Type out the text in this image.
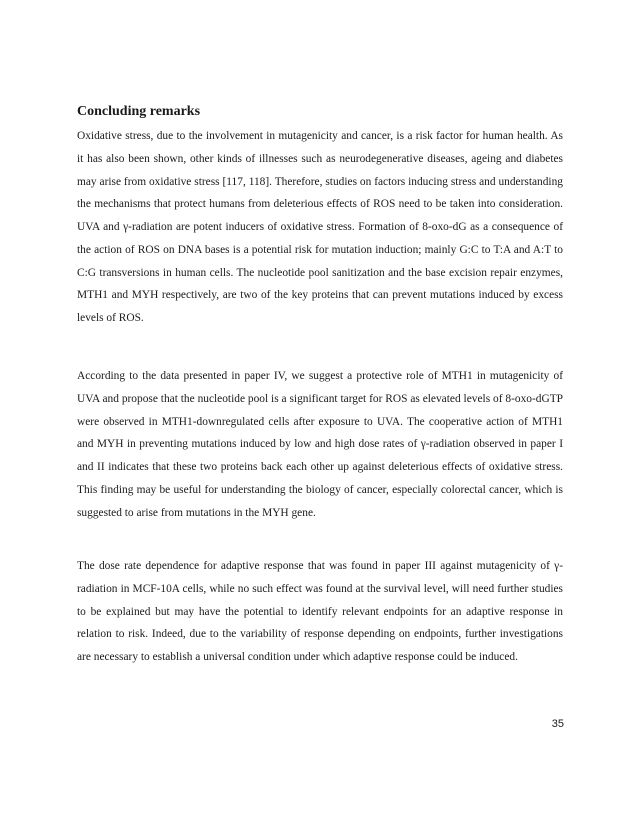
Concluding remarks

Oxidative stress, due to the involvement in mutagenicity and cancer, is a risk factor for human health. As it has also been shown, other kinds of illnesses such as neurodegenerative diseases, ageing and diabetes may arise from oxidative stress [117, 118]. Therefore, studies on factors inducing stress and understanding the mechanisms that protect humans from deleterious effects of ROS need to be taken into consideration. UVA and γ-radiation are potent inducers of oxidative stress. Formation of 8-oxo-dG as a consequence of the action of ROS on DNA bases is a potential risk for mutation induction; mainly G:C to T:A and A:T to C:G transversions in human cells. The nucleotide pool sanitization and the base excision repair enzymes, MTH1 and MYH respectively, are two of the key proteins that can prevent mutations induced by excess levels of ROS.

According to the data presented in paper IV, we suggest a protective role of MTH1 in mutagenicity of UVA and propose that the nucleotide pool is a significant target for ROS as elevated levels of 8-oxo-dGTP were observed in MTH1-downregulated cells after exposure to UVA. The cooperative action of MTH1 and MYH in preventing mutations induced by low and high dose rates of γ-radiation observed in paper I and II indicates that these two proteins back each other up against deleterious effects of oxidative stress. This finding may be useful for understanding the biology of cancer, especially colorectal cancer, which is suggested to arise from mutations in the MYH gene.

The dose rate dependence for adaptive response that was found in paper III against mutagenicity of γ-radiation in MCF-10A cells, while no such effect was found at the survival level, will need further studies to be explained but may have the potential to identify relevant endpoints for an adaptive response in relation to risk. Indeed, due to the variability of response depending on endpoints, further investigations are necessary to establish a universal condition under which adaptive response could be induced.

35
